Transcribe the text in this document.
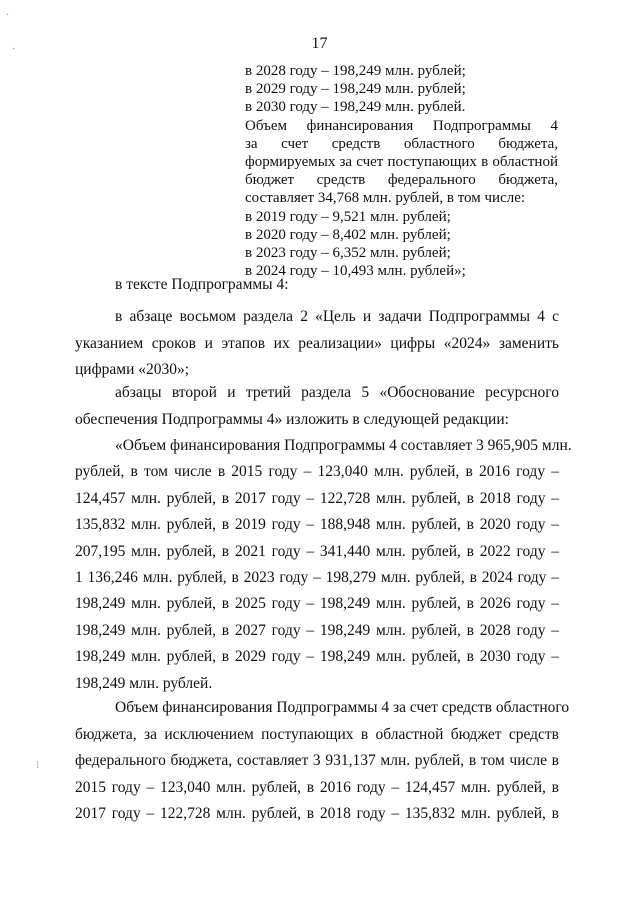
·
·
⁝
17
в 2028 году – 198,249 млн. рублей;
в 2029 году – 198,249 млн. рублей;
в 2030 году – 198,249 млн. рублей.
Объем финансирования Подпрограммы 4
за счет средств областного бюджета,
формируемых за счет поступающих в областной
бюджет средств федерального бюджета,
составляет 34,768 млн. рублей, в том числе:
в 2019 году – 9,521 млн. рублей;
в 2020 году – 8,402 млн. рублей;
в 2023 году – 6,352 млн. рублей;
в 2024 году – 10,493 млн. рублей»;
в тексте Подпрограммы 4:
в абзаце восьмом раздела 2 «Цель и задачи Подпрограммы 4 с
указанием сроков и этапов их реализации» цифры «2024» заменить
цифрами «2030»;
абзацы второй и третий раздела 5 «Обоснование ресурсного
обеспечения Подпрограммы 4» изложить в следующей редакции:
«Объем финансирования Подпрограммы 4 составляет 3 965,905 млн.
рублей, в том числе в 2015 году – 123,040 млн. рублей, в 2016 году –
124,457 млн. рублей, в 2017 году – 122,728 млн. рублей, в 2018 году –
135,832 млн. рублей, в 2019 году – 188,948 млн. рублей, в 2020 году –
207,195 млн. рублей, в 2021 году – 341,440 млн. рублей, в 2022 году –
1 136,246 млн. рублей, в 2023 году – 198,279 млн. рублей, в 2024 году –
198,249 млн. рублей, в 2025 году – 198,249 млн. рублей, в 2026 году –
198,249 млн. рублей, в 2027 году – 198,249 млн. рублей, в 2028 году –
198,249 млн. рублей, в 2029 году – 198,249 млн. рублей, в 2030 году –
198,249 млн. рублей.
Объем финансирования Подпрограммы 4 за счет средств областного
бюджета, за исключением поступающих в областной бюджет средств
федерального бюджета, составляет 3 931,137 млн. рублей, в том числе в
2015 году – 123,040 млн. рублей, в 2016 году – 124,457 млн. рублей, в
2017 году – 122,728 млн. рублей, в 2018 году – 135,832 млн. рублей, в
